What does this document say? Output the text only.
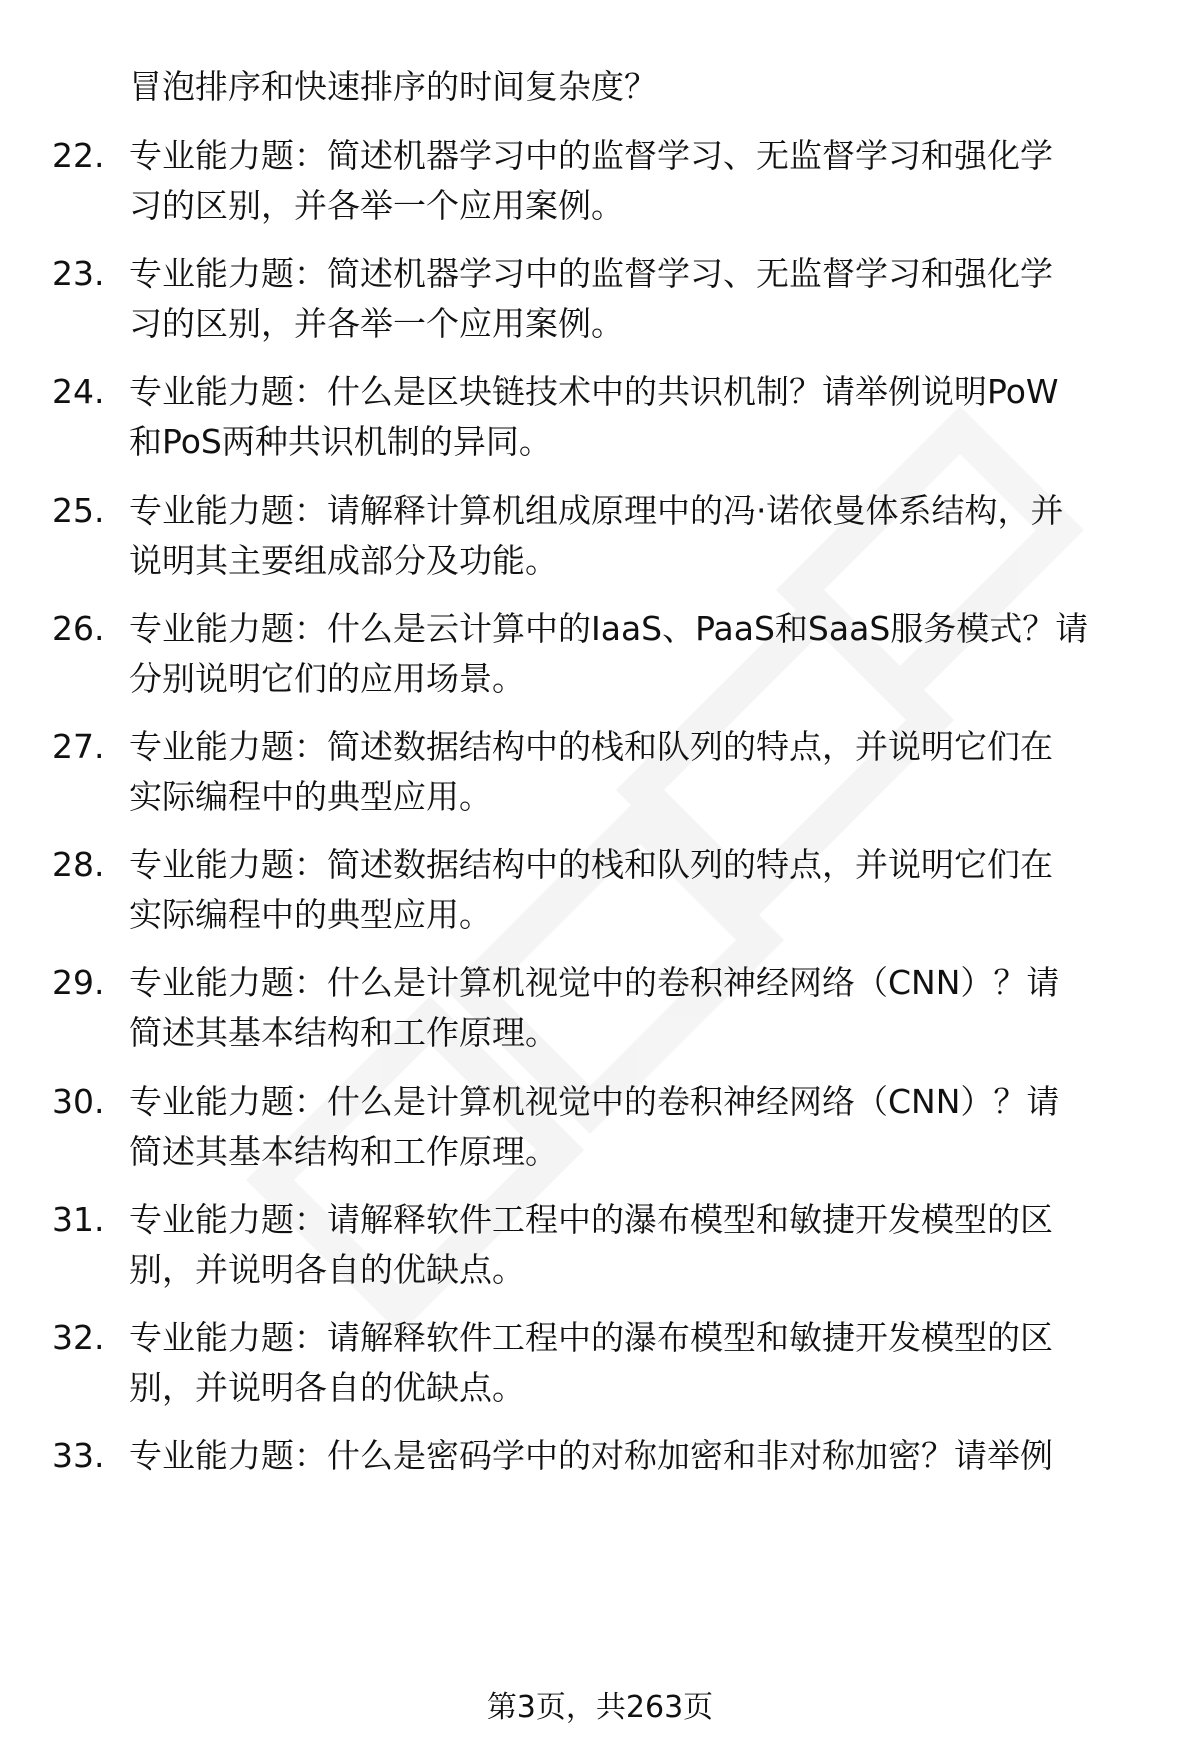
冒泡排序和快速排序的时间复杂度？
22. 专业能力题：简述机器学习中的监督学习、无监督学习和强化学
习的区别，并各举一个应用案例。
23. 专业能力题：简述机器学习中的监督学习、无监督学习和强化学
习的区别，并各举一个应用案例。
24. 专业能力题：什么是区块链技术中的共识机制？请举例说明PoW
和PoS两种共识机制的异同。
25. 专业能力题：请解释计算机组成原理中的冯·诺依曼体系结构，并
说明其主要组成部分及功能。
26. 专业能力题：什么是云计算中的IaaS、PaaS和SaaS服务模式？请
分别说明它们的应用场景。
27. 专业能力题：简述数据结构中的栈和队列的特点，并说明它们在
实际编程中的典型应用。
28. 专业能力题：简述数据结构中的栈和队列的特点，并说明它们在
实际编程中的典型应用。
29. 专业能力题：什么是计算机视觉中的卷积神经网络（CNN）？请
简述其基本结构和工作原理。
30. 专业能力题：什么是计算机视觉中的卷积神经网络（CNN）？请
简述其基本结构和工作原理。
31. 专业能力题：请解释软件工程中的瀑布模型和敏捷开发模型的区
别，并说明各自的优缺点。
32. 专业能力题：请解释软件工程中的瀑布模型和敏捷开发模型的区
别，并说明各自的优缺点。
33. 专业能力题：什么是密码学中的对称加密和非对称加密？请举例
第3页，共263页
